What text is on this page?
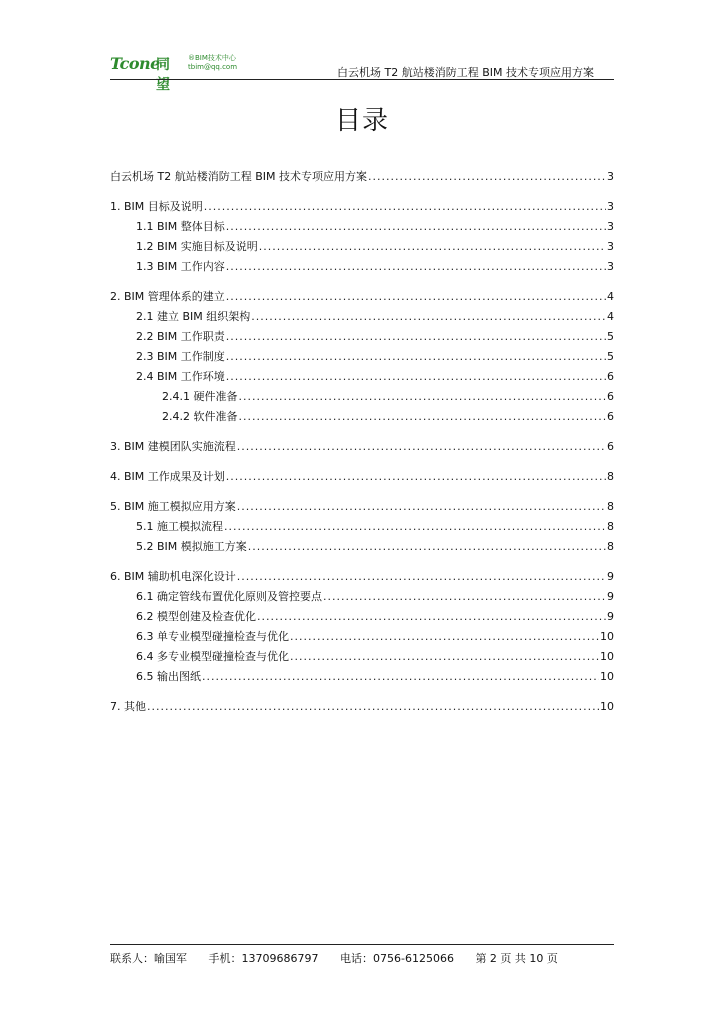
Tcone
同望
®BIM技术中心
tbim@qq.com	白云机场 T2 航站楼消防工程 BIM 技术专项应用方案
目录
白云机场 T2 航站楼消防工程 BIM 技术专项应用方案 .....	3
1. BIM 目标及说明 .....	3
1.1 BIM 整体目标 .....	3
1.2 BIM 实施目标及说明 .....	3
1.3 BIM 工作内容 .....	3
2. BIM 管理体系的建立 .....	4
2.1 建立 BIM 组织架构 .....	4
2.2 BIM 工作职责 .....	5
2.3 BIM 工作制度 .....	5
2.4 BIM 工作环境 .....	6
2.4.1 硬件准备 .....	6
2.4.2 软件准备 .....	6
3. BIM 建模团队实施流程 .....	6
4. BIM 工作成果及计划 .....	8
5. BIM 施工模拟应用方案 .....	8
5.1 施工模拟流程 .....	8
5.2 BIM 模拟施工方案 .....	8
6. BIM 辅助机电深化设计 .....	9
6.1 确定管线布置优化原则及管控要点 .....	9
6.2 模型创建及检查优化 .....	9
6.3 单专业模型碰撞检查与优化 .....	10
6.4 多专业模型碰撞检查与优化 .....	10
6.5 输出图纸 .....	10
7. 其他 .....	10
联系人：喻国军 手机：13709686797 电话：0756-6125066 第 2 页 共 10 页
